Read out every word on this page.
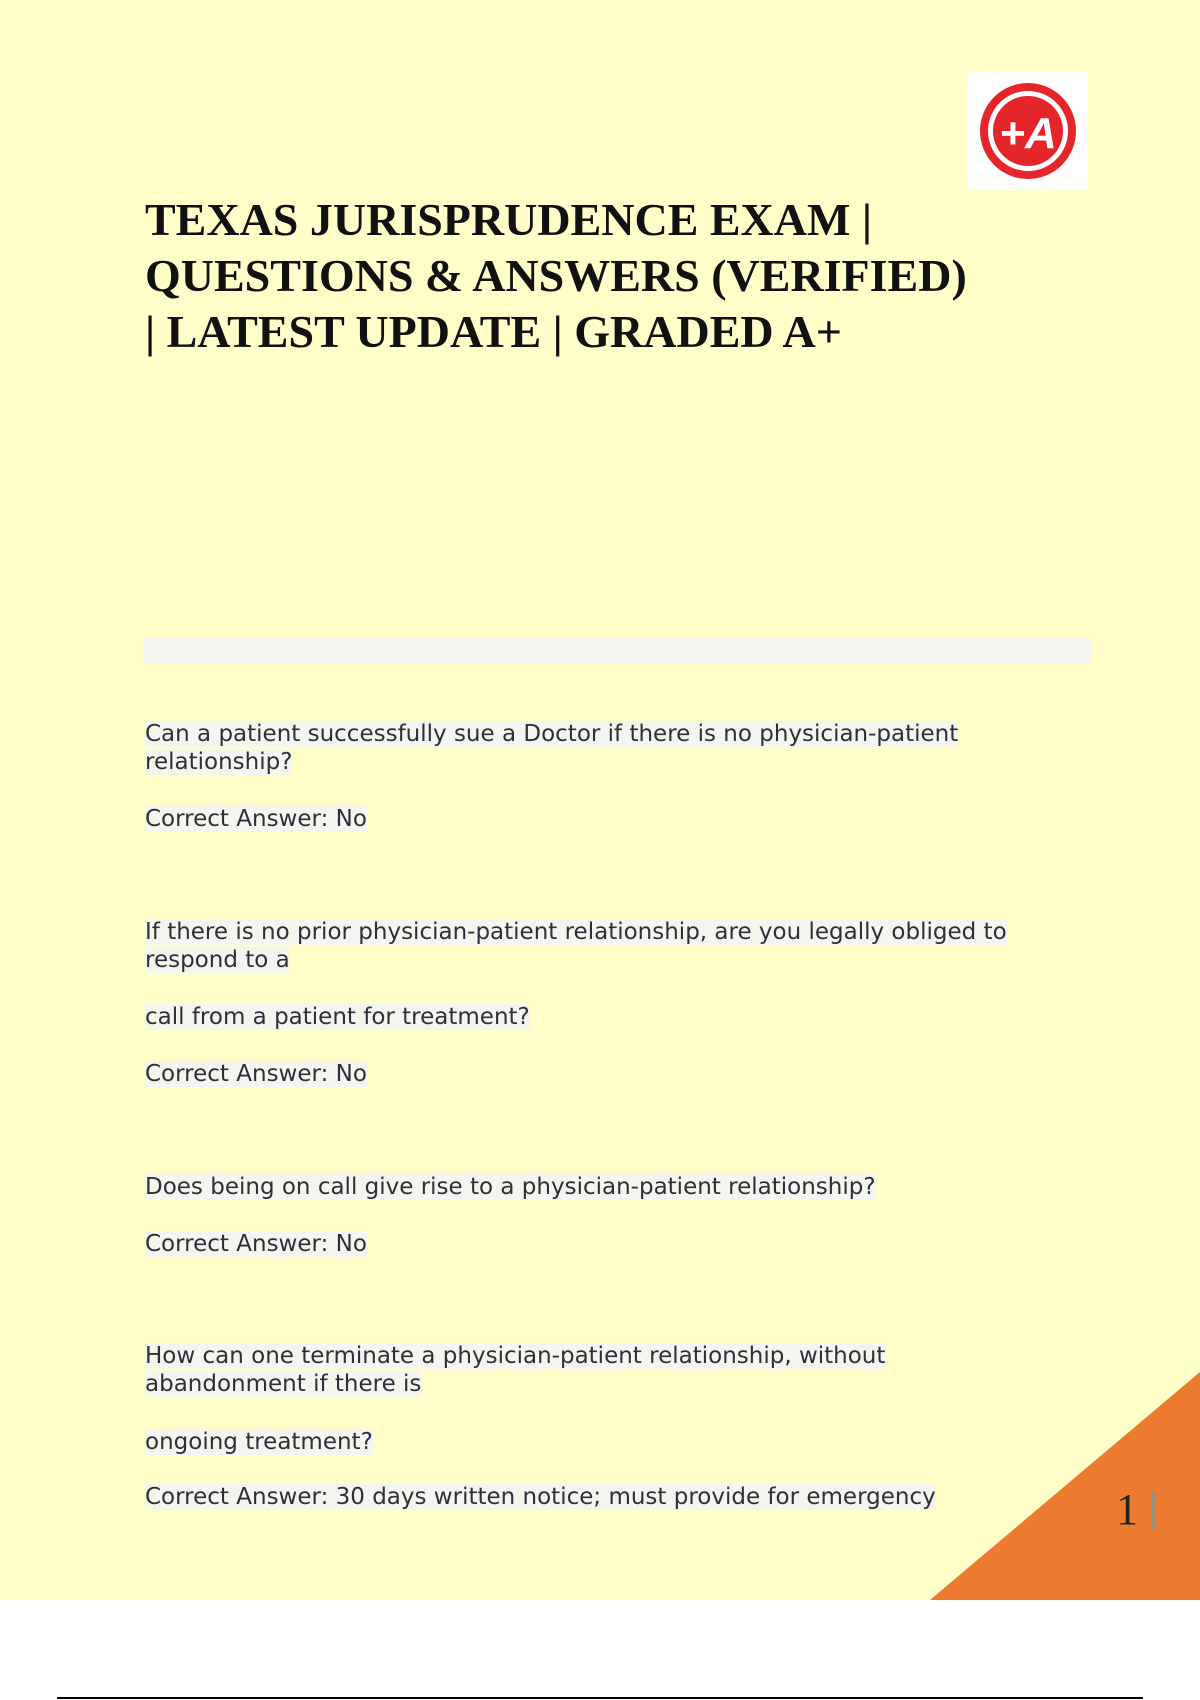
+A
TEXAS JURISPRUDENCE EXAM |
QUESTIONS & ANSWERS (VERIFIED)
| LATEST UPDATE | GRADED A+

Can a patient successfully sue a Doctor if there is no physician-patient
relationship?

Correct Answer: No

If there is no prior physician-patient relationship, are you legally obliged to
respond to a

call from a patient for treatment?

Correct Answer: No

Does being on call give rise to a physician-patient relationship?

Correct Answer: No

How can one terminate a physician-patient relationship, without
abandonment if there is

ongoing treatment?

Correct Answer: 30 days written notice; must provide for emergency	1
